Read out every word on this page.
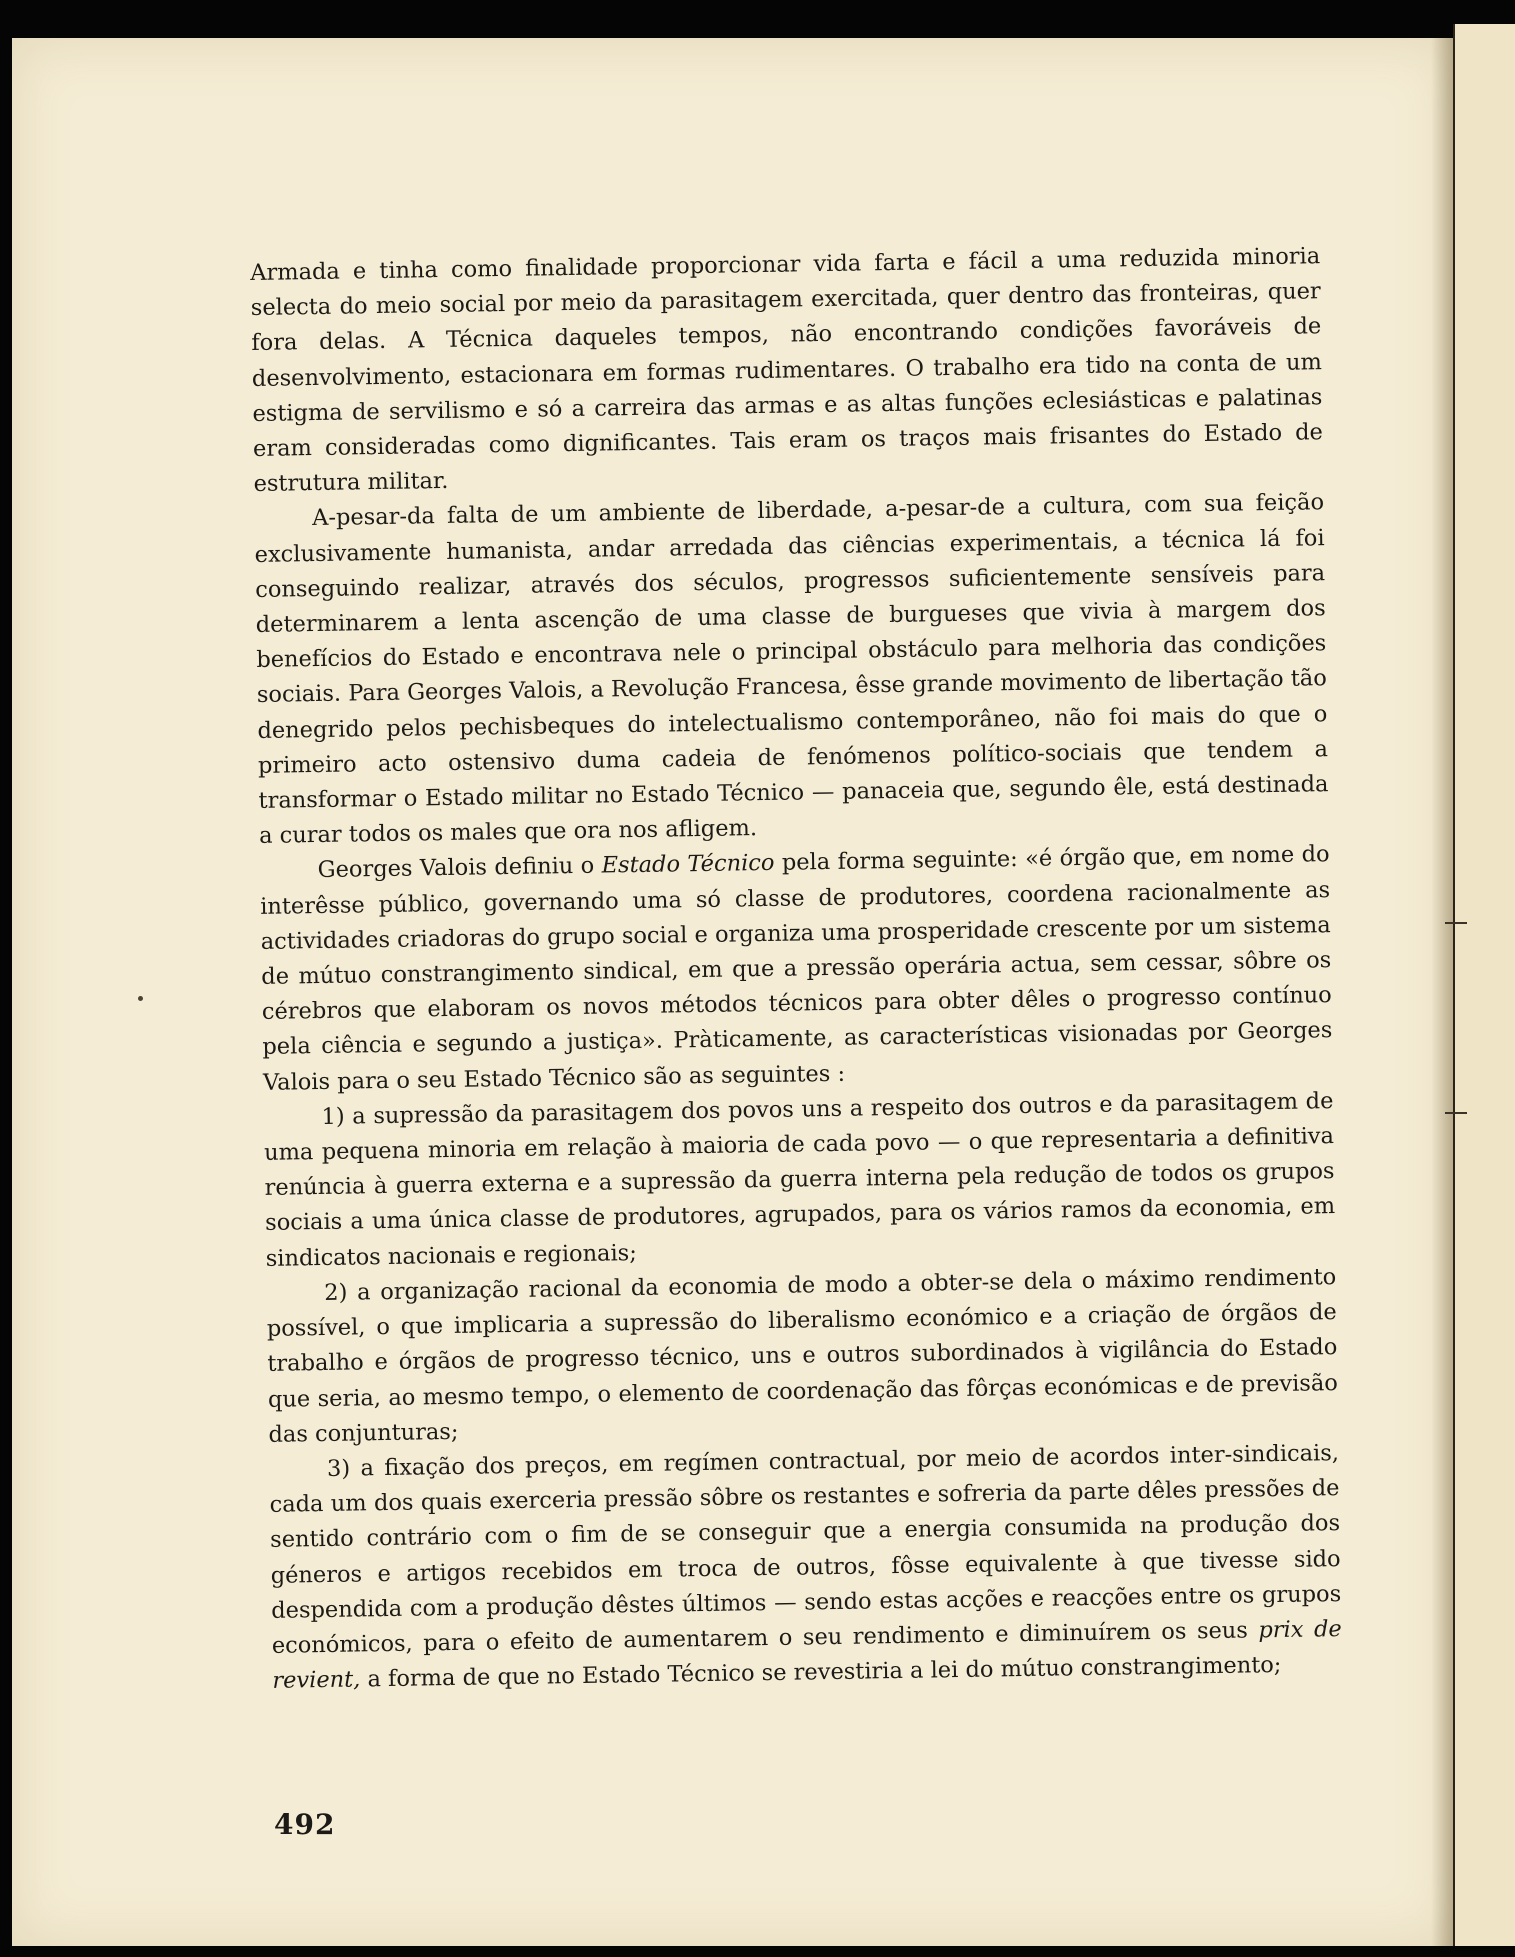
Armada e tinha como finalidade proporcionar vida farta e fácil a uma reduzida minoria selecta do meio social por meio da parasitagem exercitada, quer dentro das fronteiras, quer fora delas. A Técnica daqueles tempos, não encontrando condições favoráveis de desenvolvimento, estacionara em formas rudimentares. O trabalho era tido na conta de um estigma de servilismo e só a carreira das armas e as altas funções eclesiásticas e palatinas eram consideradas como dignificantes. Tais eram os traços mais frisantes do Estado de estrutura militar.

A-pesar-da falta de um ambiente de liberdade, a-pesar-de a cultura, com sua feição exclusivamente humanista, andar arredada das ciências experimentais, a técnica lá foi conseguindo realizar, através dos séculos, progressos suficientemente sensíveis para determinarem a lenta ascenção de uma classe de burgueses que vivia à margem dos benefícios do Estado e encontrava nele o principal obstáculo para melhoria das condições sociais. Para Georges Valois, a Revolução Francesa, êsse grande movimento de libertação tão denegrido pelos pechisbeques do intelectualismo contemporâneo, não foi mais do que o primeiro acto ostensivo duma cadeia de fenómenos político-sociais que tendem a transformar o Estado militar no Estado Técnico — panaceia que, segundo êle, está destinada a curar todos os males que ora nos afligem.

Georges Valois definiu o Estado Técnico pela forma seguinte: «é órgão que, em nome do interêsse público, governando uma só classe de produtores, coordena racionalmente as actividades criadoras do grupo social e organiza uma prosperidade crescente por um sistema de mútuo constrangimento sindical, em que a pressão operária actua, sem cessar, sôbre os cérebros que elaboram os novos métodos técnicos para obter dêles o progresso contínuo pela ciência e segundo a justiça». Pràticamente, as características visionadas por Georges Valois para o seu Estado Técnico são as seguintes :

1) a supressão da parasitagem dos povos uns a respeito dos outros e da parasitagem de uma pequena minoria em relação à maioria de cada povo — o que representaria a definitiva renúncia à guerra externa e a supressão da guerra interna pela redução de todos os grupos sociais a uma única classe de produtores, agrupados, para os vários ramos da economia, em sindicatos nacionais e regionais;

2) a organização racional da economia de modo a obter-se dela o máximo rendimento possível, o que implicaria a supressão do liberalismo económico e a criação de órgãos de trabalho e órgãos de progresso técnico, uns e outros subordinados à vigilância do Estado que seria, ao mesmo tempo, o elemento de coordenação das fôrças económicas e de previsão das conjunturas;

3) a fixação dos preços, em regímen contractual, por meio de acordos inter-sindicais, cada um dos quais exerceria pressão sôbre os restantes e sofreria da parte dêles pressões de sentido contrário com o fim de se conseguir que a energia consumida na produção dos géneros e artigos recebidos em troca de outros, fôsse equivalente à que tivesse sido despendida com a produção dêstes últimos — sendo estas acções e reacções entre os grupos económicos, para o efeito de aumentarem o seu rendimento e diminuírem os seus prix de revient, a forma de que no Estado Técnico se revestiria a lei do mútuo constrangimento;

492
